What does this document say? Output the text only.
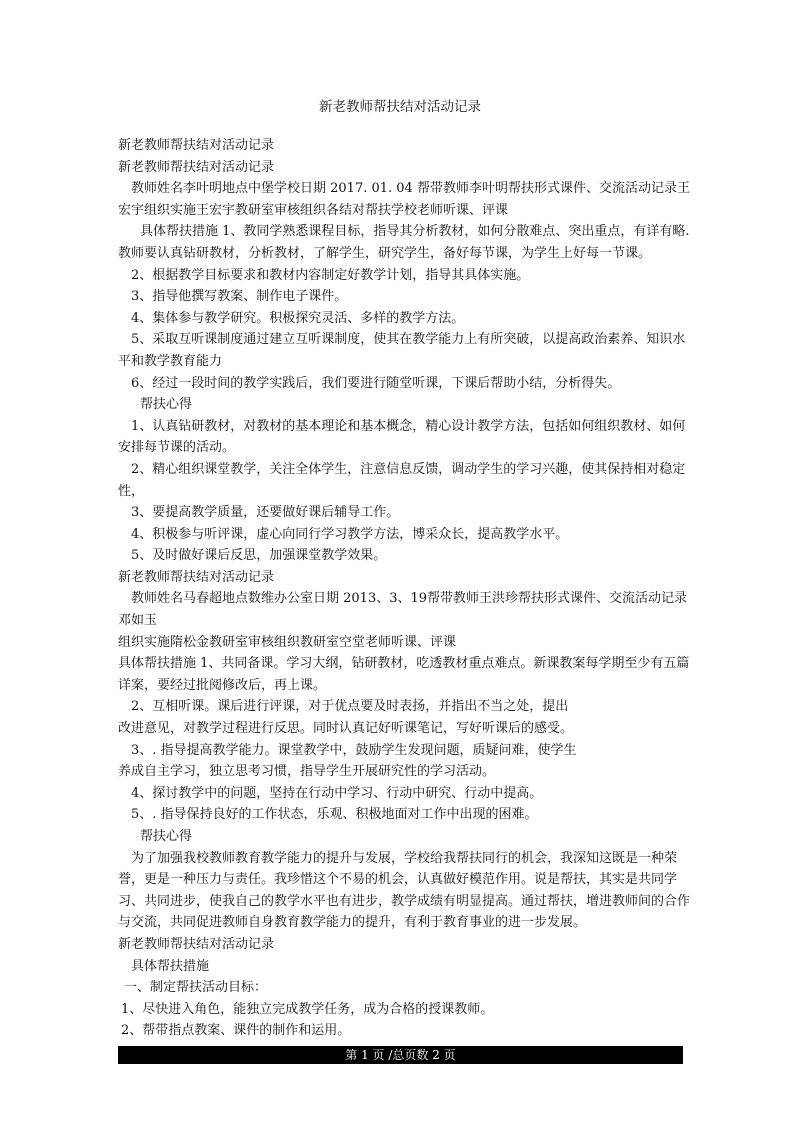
新老教师帮扶结对活动记录

新老教师帮扶结对活动记录

新老教师帮扶结对活动记录

教师姓名李叶明地点中堡学校日期 2017. 01. 04 帮带教师李叶明帮扶形式课件、交流活动记录王宏宇组织实施王宏宇教研室审核组织各结对帮扶学校老师听课、评课

具体帮扶措施 1、教同学熟悉课程目标，指导其分析教材，如何分散难点、突出重点，有详有略.教师要认真钻研教材，分析教材，了解学生，研究学生，备好每节课，为学生上好每一节课。

2、根据教学目标要求和教材内容制定好教学计划，指导其具体实施。

3、指导他撰写教案、制作电子课件。

4、集体参与教学研究。积极探究灵活、多样的教学方法。

5、采取互听课制度通过建立互听课制度，使其在教学能力上有所突破，以提高政治素养、知识水平和教学教育能力

6、经过一段时间的教学实践后，我们要进行随堂听课，下课后帮助小结，分析得失。

帮扶心得

1、认真钻研教材，对教材的基本理论和基本概念，精心设计教学方法，包括如何组织教材、如何安排每节课的活动。

2、精心组织课堂教学，关注全体学生，注意信息反馈，调动学生的学习兴趣，使其保持相对稳定性，

3、要提高教学质量，还要做好课后辅导工作。

4、积极参与听评课，虚心向同行学习教学方法，博采众长，提高教学水平。

5、及时做好课后反思，加强课堂教学效果。

新老教师帮扶结对活动记录

教师姓名马春超地点数维办公室日期 2013、3、19帮带教师王洪珍帮扶形式课件、交流活动记录邓如玉

组织实施隋松金教研室审核组织教研室空堂老师听课、评课

具体帮扶措施 1、共同备课。学习大纲，钻研教材，吃透教材重点难点。新课教案每学期至少有五篇详案，要经过批阅修改后，再上课。

2、互相听课。课后进行评课，对于优点要及时表扬，并指出不当之处，提出

改进意见，对教学过程进行反思。同时认真记好听课笔记，写好听课后的感受。

3、. 指导提高教学能力。课堂教学中，鼓励学生发现问题，质疑问难，使学生

养成自主学习，独立思考习惯，指导学生开展研究性的学习活动。

4、探讨教学中的问题，坚持在行动中学习、行动中研究、行动中提高。

5、. 指导保持良好的工作状态，乐观、积极地面对工作中出现的困难。

帮扶心得

为了加强我校教师教育教学能力的提升与发展，学校给我帮扶同行的机会，我深知这既是一种荣誉，更是一种压力与责任。我珍惜这个不易的机会，认真做好模范作用。说是帮扶，其实是共同学习、共同进步，使我自己的教学水平也有进步，教学成绩有明显提高。通过帮扶，增进教师间的合作与交流，共同促进教师自身教育教学能力的提升，有利于教育事业的进一步发展。

新老教师帮扶结对活动记录

具体帮扶措施

一、制定帮扶活动目标：

1、尽快进入角色，能独立完成教学任务，成为合格的授课教师。

2、帮带指点教案、课件的制作和运用。

第 1 页 /总页数 2 页
